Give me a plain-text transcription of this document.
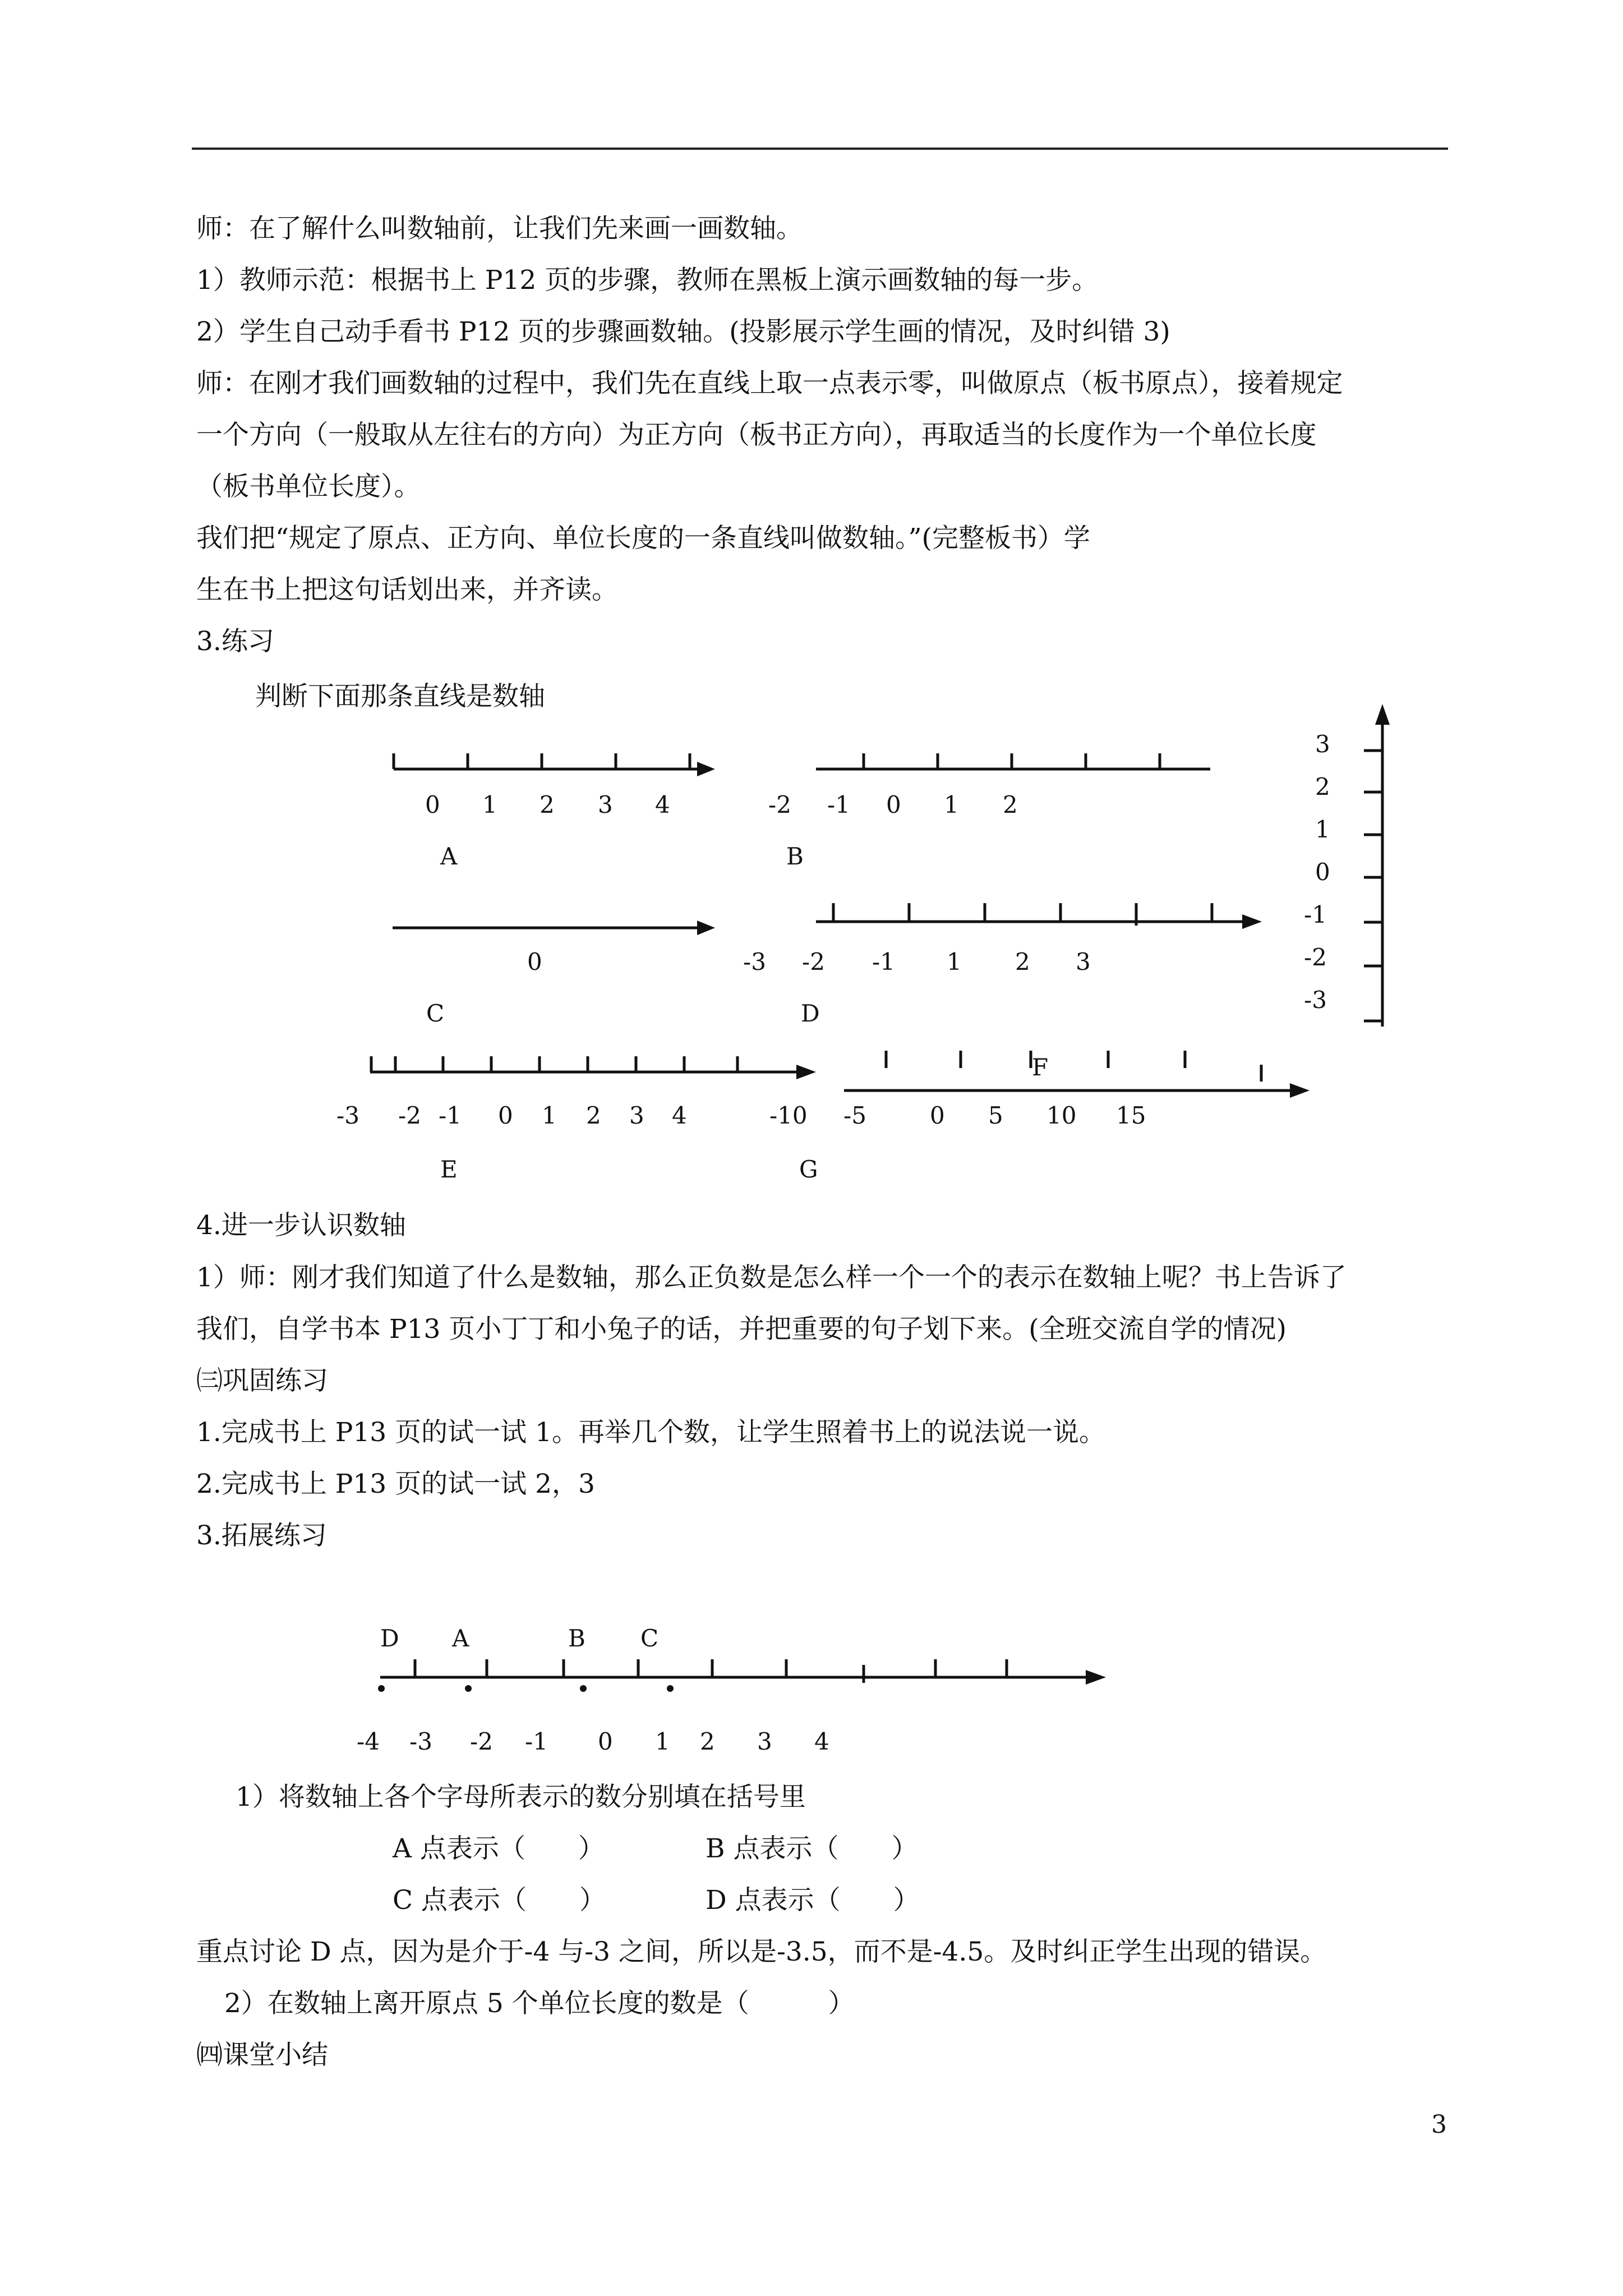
师：在了解什么叫数轴前，让我们先来画一画数轴。
1）教师示范：根据书上 P12 页的步骤，教师在黑板上演示画数轴的每一步。
2）学生自己动手看书 P12 页的步骤画数轴。(投影展示学生画的情况，及时纠错 3)
师：在刚才我们画数轴的过程中，我们先在直线上取一点表示零，叫做原点（板书原点），接着规定
一个方向（一般取从左往右的方向）为正方向（板书正方向），再取适当的长度作为一个单位长度
（板书单位长度）。
我们把“规定了原点、正方向、单位长度的一条直线叫做数轴。”(完整板书）学
生在书上把这句话划出来，并齐读。
3.练习
判断下面那条直线是数轴
0 1 2 3 4
A
-2 -1 0 1 2
B
0
C
-3 -2 -1 1 2 3
D
-3 -2 -1 0 1 2 3 4
E
F
-10 -5	0 5 10 15
G
3
2
1
0
-1
-2
-3
4.进一步认识数轴
1）师：刚才我们知道了什么是数轴，那么正负数是怎么样一个一个的表示在数轴上呢？书上告诉了
我们，自学书本 P13 页小丁丁和小兔子的话，并把重要的句子划下来。(全班交流自学的情况)
㈢巩固练习
1.完成书上 P13 页的试一试 1。再举几个数，让学生照着书上的说法说一说。
2.完成书上 P13 页的试一试 2，3
3.拓展练习
D A	B C
-4 -3 -2 -1 0 1 2 3 4
1）将数轴上各个字母所表示的数分别填在括号里
A 点表示（　　）	B 点表示（　　）
C 点表示（　　）	D 点表示（　　）
重点讨论 D 点，因为是介于-4 与-3 之间，所以是-3.5，而不是-4.5。及时纠正学生出现的错误。
2）在数轴上离开原点 5 个单位长度的数是（　　　）
㈣课堂小结
3
